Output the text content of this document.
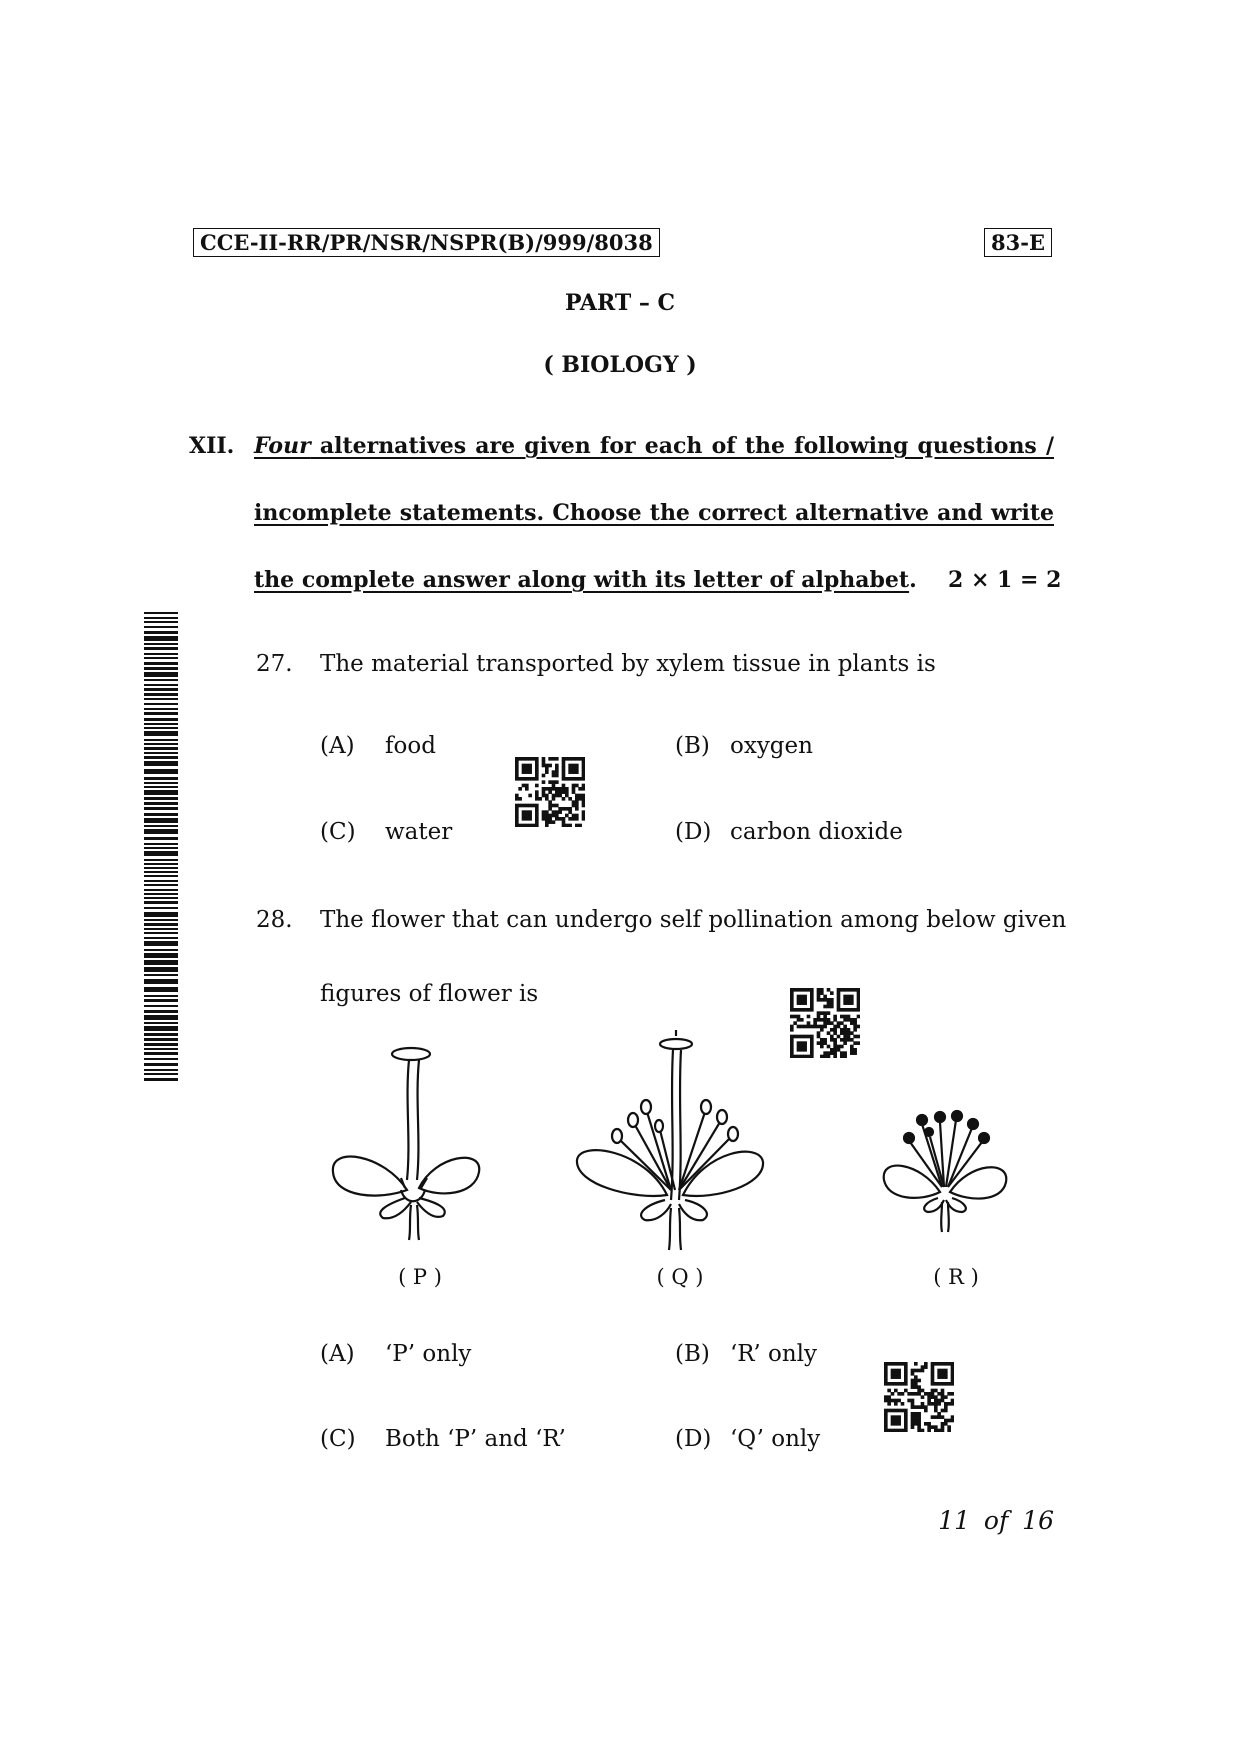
CCE-II-RR/PR/NSR/NSPR(B)/999/8038	83-E
PART – C
( BIOLOGY )
XII. Four alternatives are given for each of the following questions /
incomplete statements. Choose the correct alternative and write
the complete answer along with its letter of alphabet. 2 × 1 = 2
27. The material transported by xylem tissue in plants is
(A) food	(B) oxygen
(C) water	(D) carbon dioxide
28. The flower that can undergo self pollination among below given
figures of flower is
( P )	( Q )	( R )
(A) ‘P’ only	(B) ‘R’ only
(C) Both ‘P’ and ‘R’	(D) ‘Q’ only
11 of 16
